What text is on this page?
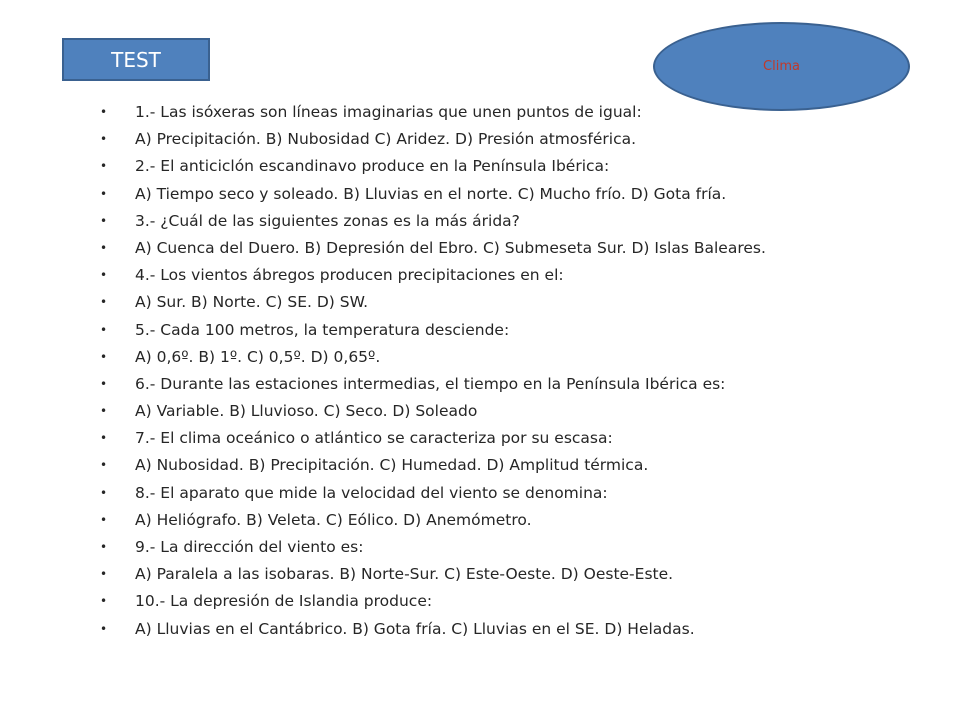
TEST	Clima
•	1.- Las isóxeras son líneas imaginarias que unen puntos de igual:
•	A) Precipitación. B) Nubosidad C) Aridez. D) Presión atmosférica.
•	2.- El anticiclón escandinavo produce en la Península Ibérica:
•	A) Tiempo seco y soleado. B) Lluvias en el norte. C) Mucho frío. D) Gota fría.
•	3.- ¿Cuál de las siguientes zonas es la más árida?
•	A) Cuenca del Duero. B) Depresión del Ebro. C) Submeseta Sur. D) Islas Baleares.
•	4.- Los vientos ábregos producen precipitaciones en el:
•	A) Sur. B) Norte. C) SE. D) SW.
•	5.- Cada 100 metros, la temperatura desciende:
•	A) 0,6º. B) 1º. C) 0,5º. D) 0,65º.
•	6.- Durante las estaciones intermedias, el tiempo en la Península Ibérica es:
•	A) Variable. B) Lluvioso. C) Seco. D) Soleado
•	7.- El clima oceánico o atlántico se caracteriza por su escasa:
•	A) Nubosidad. B) Precipitación. C) Humedad. D) Amplitud térmica.
•	8.- El aparato que mide la velocidad del viento se denomina:
•	A) Heliógrafo. B) Veleta. C) Eólico. D) Anemómetro.
•	9.- La dirección del viento es:
•	A) Paralela a las isobaras. B) Norte-Sur. C) Este-Oeste. D) Oeste-Este.
•	10.- La depresión de Islandia produce:
•	A) Lluvias en el Cantábrico. B) Gota fría. C) Lluvias en el SE. D) Heladas.
